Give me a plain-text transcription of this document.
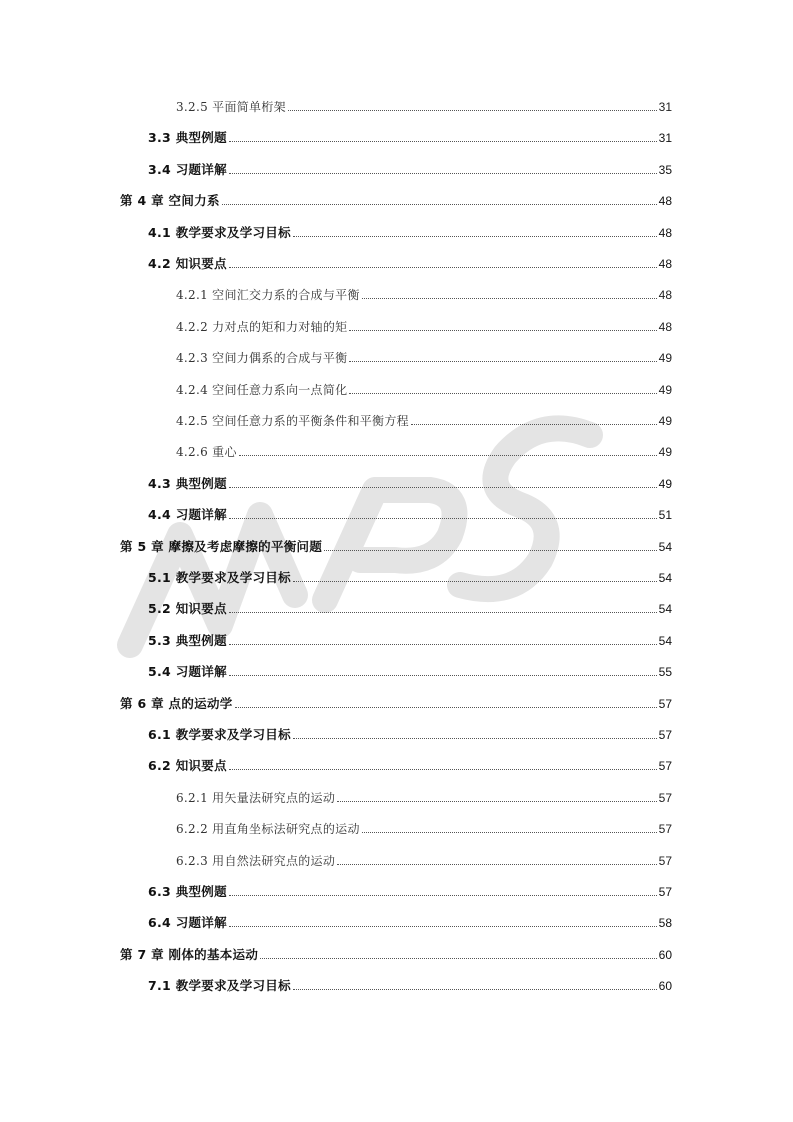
3.2.5 平面简单桁架	31
3.3 典型例题	31
3.4 习题详解	35
第 4 章 空间力系	48
4.1 教学要求及学习目标	48
4.2 知识要点	48
4.2.1 空间汇交力系的合成与平衡	48
4.2.2 力对点的矩和力对轴的矩	48
4.2.3 空间力偶系的合成与平衡	49
4.2.4 空间任意力系向一点简化	49
4.2.5 空间任意力系的平衡条件和平衡方程	49
4.2.6 重心	49
4.3 典型例题	49
4.4 习题详解	51
第 5 章 摩擦及考虑摩擦的平衡问题	54
5.1 教学要求及学习目标	54
5.2 知识要点	54
5.3 典型例题	54
5.4 习题详解	55
第 6 章 点的运动学	57
6.1 教学要求及学习目标	57
6.2 知识要点	57
6.2.1 用矢量法研究点的运动	57
6.2.2 用直角坐标法研究点的运动	57
6.2.3 用自然法研究点的运动	57
6.3 典型例题	57
6.4 习题详解	58
第 7 章 刚体的基本运动	60
7.1 教学要求及学习目标	60
